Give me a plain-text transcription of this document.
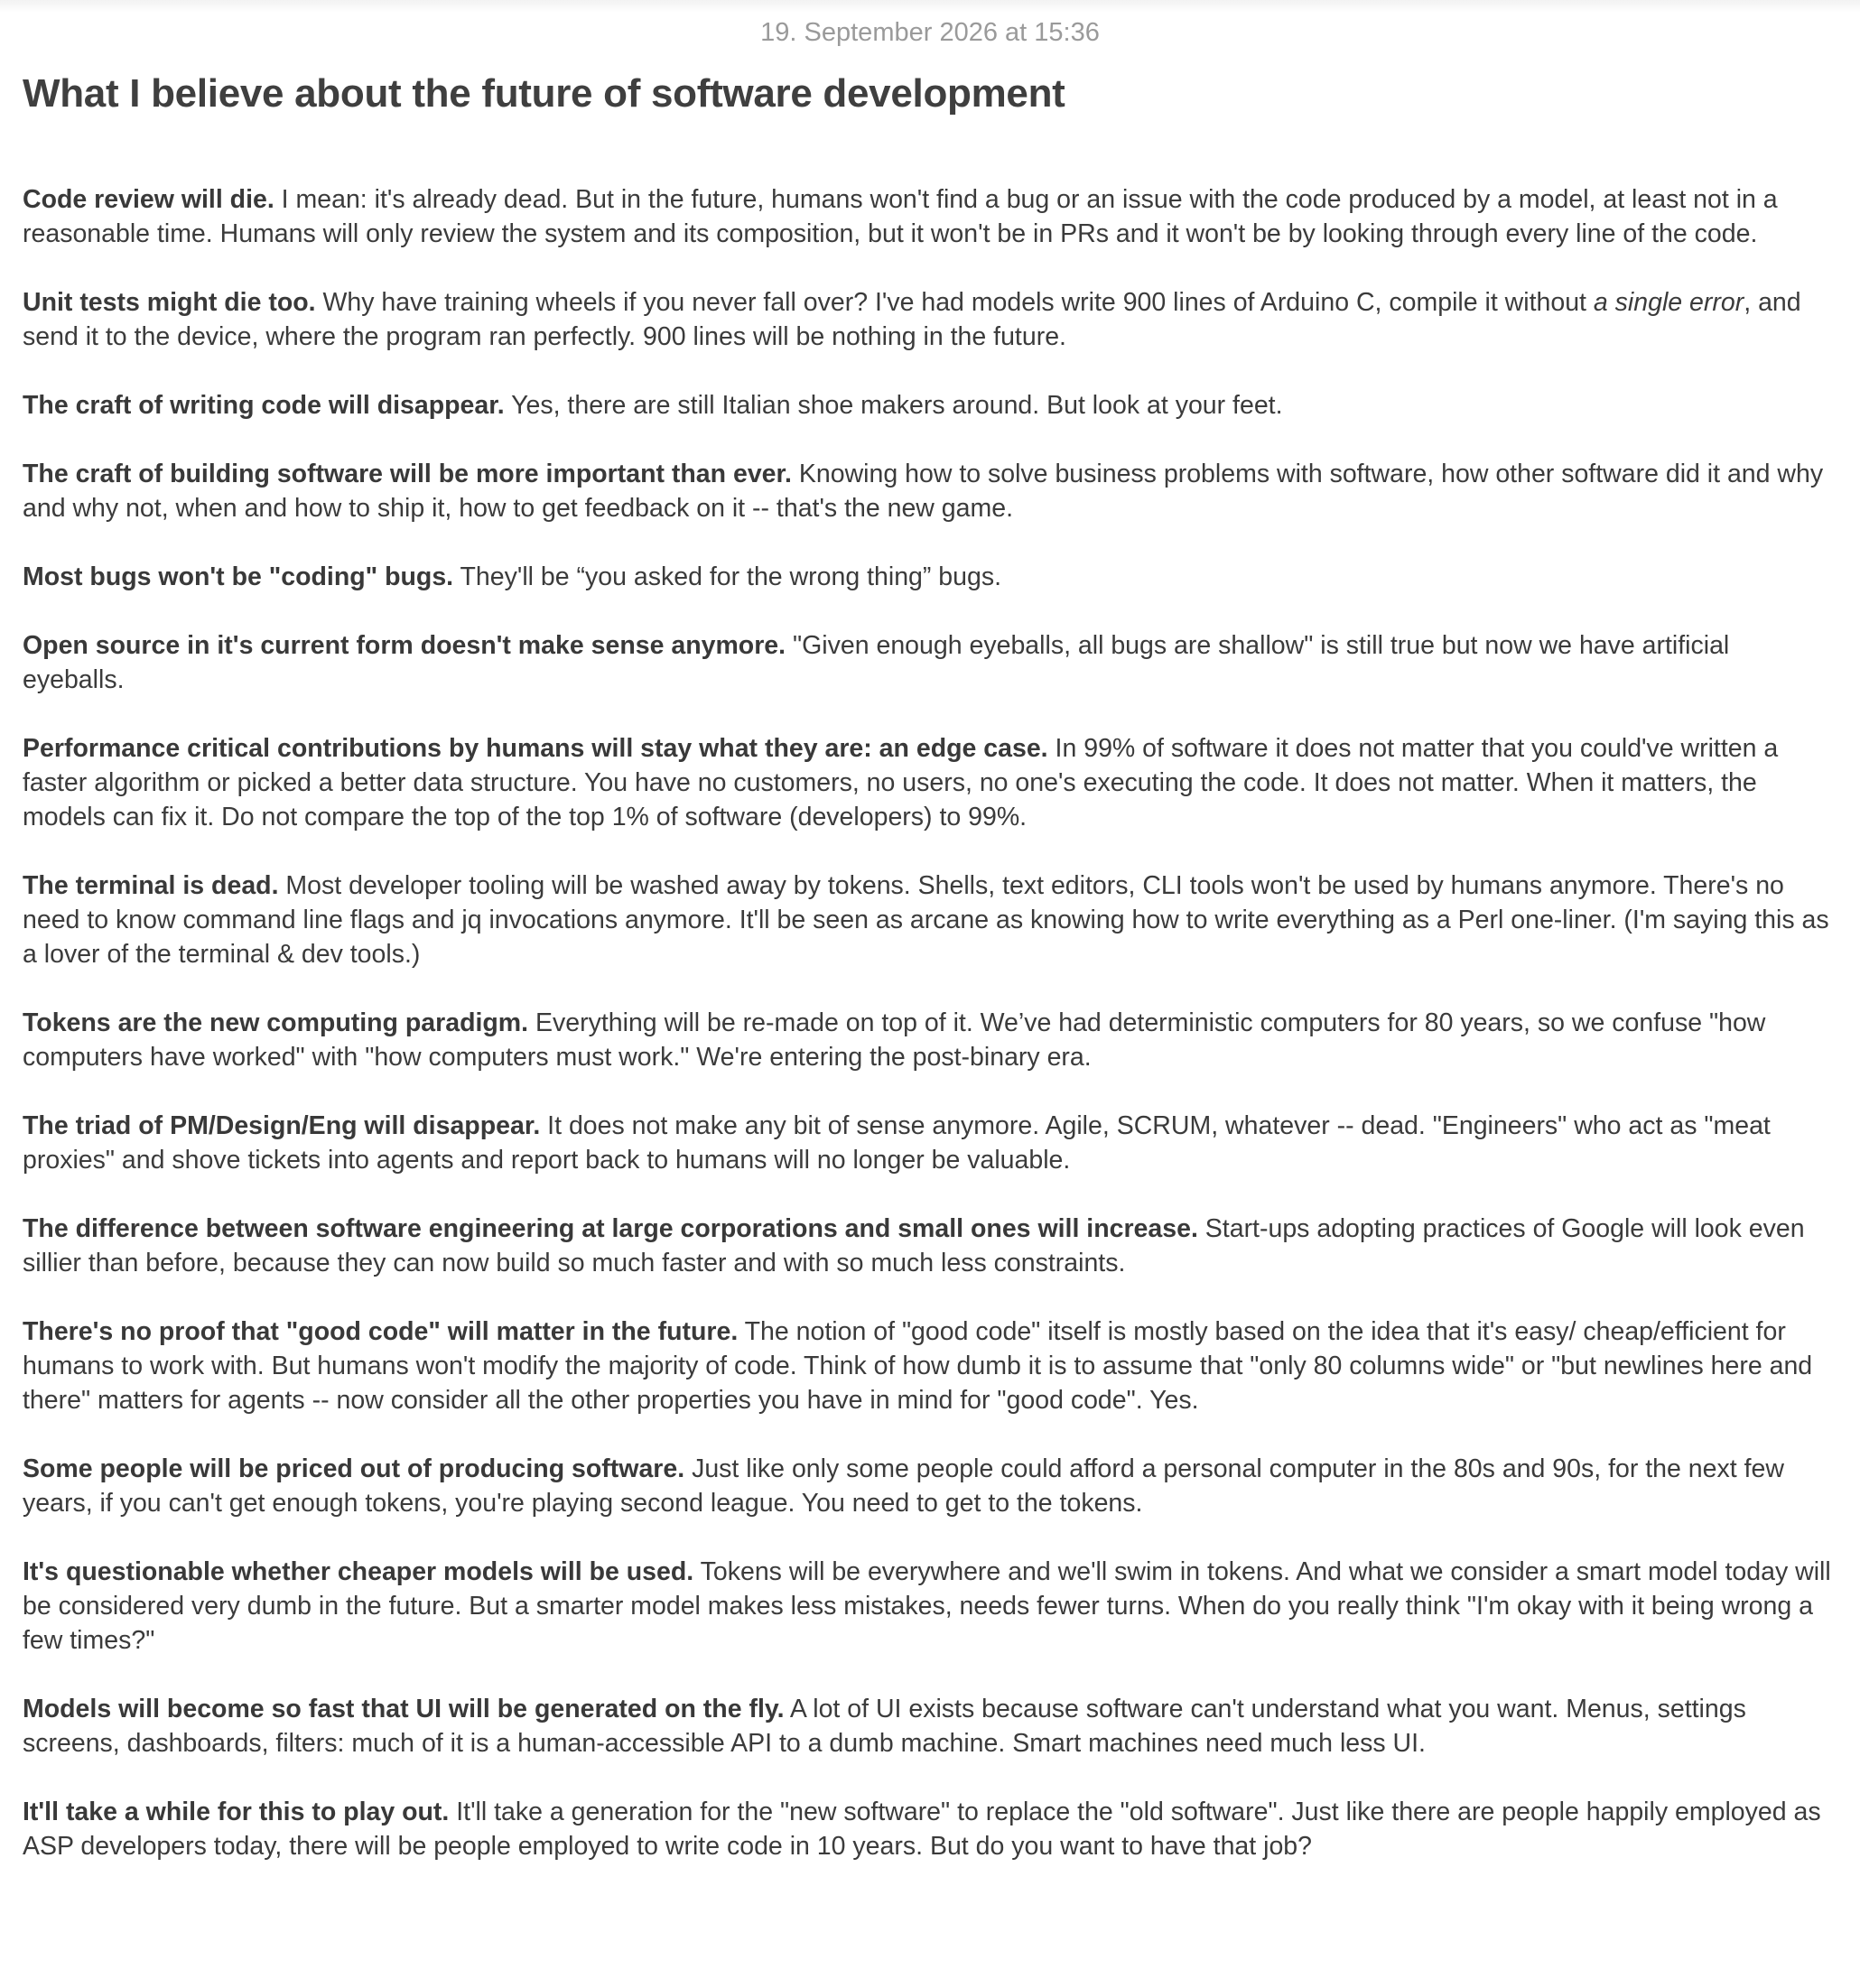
19. September 2026 at 15:36
What I believe about the future of software development

Code review will die. I mean: it's already dead. But in the future, humans won't find a bug or an issue with the code produced by a model, at least not in a reasonable time. Humans will only review the system and its composition, but it won't be in PRs and it won't be by looking through every line of the code.

Unit tests might die too. Why have training wheels if you never fall over? I've had models write 900 lines of Arduino C, compile it without a single error, and send it to the device, where the program ran perfectly. 900 lines will be nothing in the future.

The craft of writing code will disappear. Yes, there are still Italian shoe makers around. But look at your feet.

The craft of building software will be more important than ever. Knowing how to solve business problems with software, how other software did it and why and why not, when and how to ship it, how to get feedback on it -- that's the new game.

Most bugs won't be "coding" bugs. They'll be “you asked for the wrong thing” bugs.

Open source in it's current form doesn't make sense anymore. "Given enough eyeballs, all bugs are shallow" is still true but now we have artificial eyeballs.

Performance critical contributions by humans will stay what they are: an edge case. In 99% of software it does not matter that you could've written a faster algorithm or picked a better data structure. You have no customers, no users, no one's executing the code. It does not matter. When it matters, the models can fix it. Do not compare the top of the top 1% of software (developers) to 99%.

The terminal is dead. Most developer tooling will be washed away by tokens. Shells, text editors, CLI tools won't be used by humans anymore. There's no need to know command line flags and jq invocations anymore. It'll be seen as arcane as knowing how to write everything as a Perl one-liner. (I'm saying this as a lover of the terminal & dev tools.)

Tokens are the new computing paradigm. Everything will be re-made on top of it. We’ve had deterministic computers for 80 years, so we confuse "how computers have worked" with "how computers must work." We're entering the post-binary era.

The triad of PM/Design/Eng will disappear. It does not make any bit of sense anymore. Agile, SCRUM, whatever -- dead. "Engineers" who act as "meat proxies" and shove tickets into agents and report back to humans will no longer be valuable.

The difference between software engineering at large corporations and small ones will increase. Start-ups adopting practices of Google will look even sillier than before, because they can now build so much faster and with so much less constraints.

There's no proof that "good code" will matter in the future. The notion of "good code" itself is mostly based on the idea that it's easy/ cheap/efficient for humans to work with. But humans won't modify the majority of code. Think of how dumb it is to assume that "only 80 columns wide" or "but newlines here and there" matters for agents -- now consider all the other properties you have in mind for "good code". Yes.

Some people will be priced out of producing software. Just like only some people could afford a personal computer in the 80s and 90s, for the next few years, if you can't get enough tokens, you're playing second league. You need to get to the tokens.

It's questionable whether cheaper models will be used. Tokens will be everywhere and we'll swim in tokens. And what we consider a smart model today will be considered very dumb in the future. But a smarter model makes less mistakes, needs fewer turns. When do you really think "I'm okay with it being wrong a few times?"

Models will become so fast that UI will be generated on the fly. A lot of UI exists because software can't understand what you want. Menus, settings screens, dashboards, filters: much of it is a human-accessible API to a dumb machine. Smart machines need much less UI.

It'll take a while for this to play out. It'll take a generation for the "new software" to replace the "old software". Just like there are people happily employed as ASP developers today, there will be people employed to write code in 10 years. But do you want to have that job?
